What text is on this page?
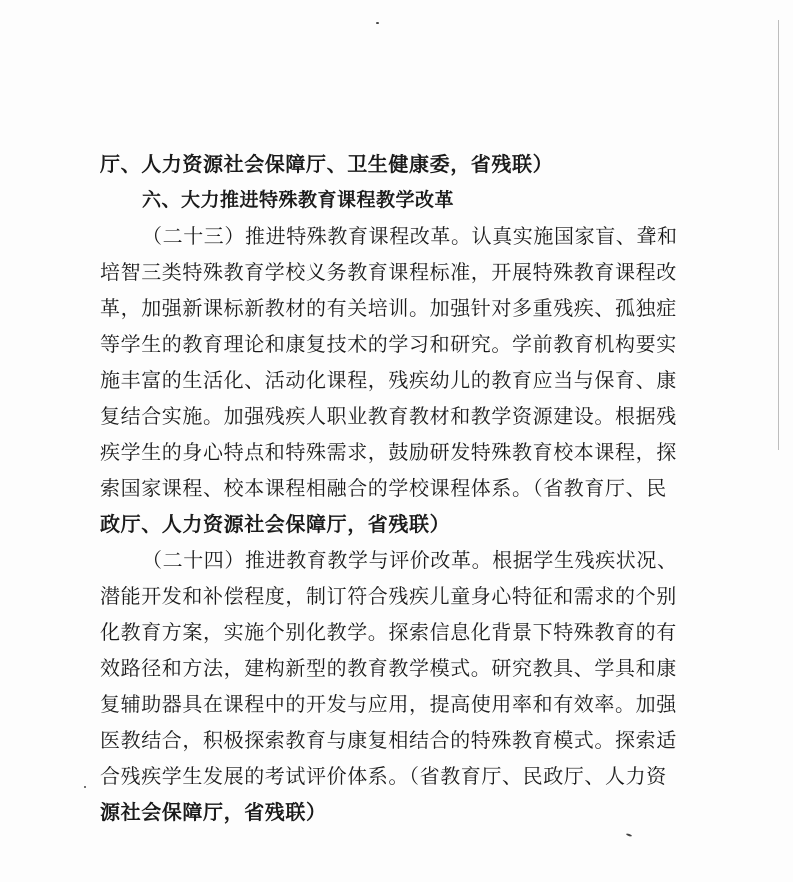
厅、人力资源社会保障厅、卫生健康委，省残联）
六、大力推进特殊教育课程教学改革
（二十三）推进特殊教育课程改革。认真实施国家盲、聋和
培智三类特殊教育学校义务教育课程标准，开展特殊教育课程改
革，加强新课标新教材的有关培训。加强针对多重残疾、孤独症
等学生的教育理论和康复技术的学习和研究。学前教育机构要实
施丰富的生活化、活动化课程，残疾幼儿的教育应当与保育、康
复结合实施。加强残疾人职业教育教材和教学资源建设。根据残
疾学生的身心特点和特殊需求，鼓励研发特殊教育校本课程，探
索国家课程、校本课程相融合的学校课程体系。（省教育厅、民
政厅、人力资源社会保障厅，省残联）
（二十四）推进教育教学与评价改革。根据学生残疾状况、
潜能开发和补偿程度，制订符合残疾儿童身心特征和需求的个别
化教育方案，实施个别化教学。探索信息化背景下特殊教育的有
效路径和方法，建构新型的教育教学模式。研究教具、学具和康
复辅助器具在课程中的开发与应用，提高使用率和有效率。加强
医教结合，积极探索教育与康复相结合的特殊教育模式。探索适
合残疾学生发展的考试评价体系。（省教育厅、民政厅、人力资
源社会保障厅，省残联）
